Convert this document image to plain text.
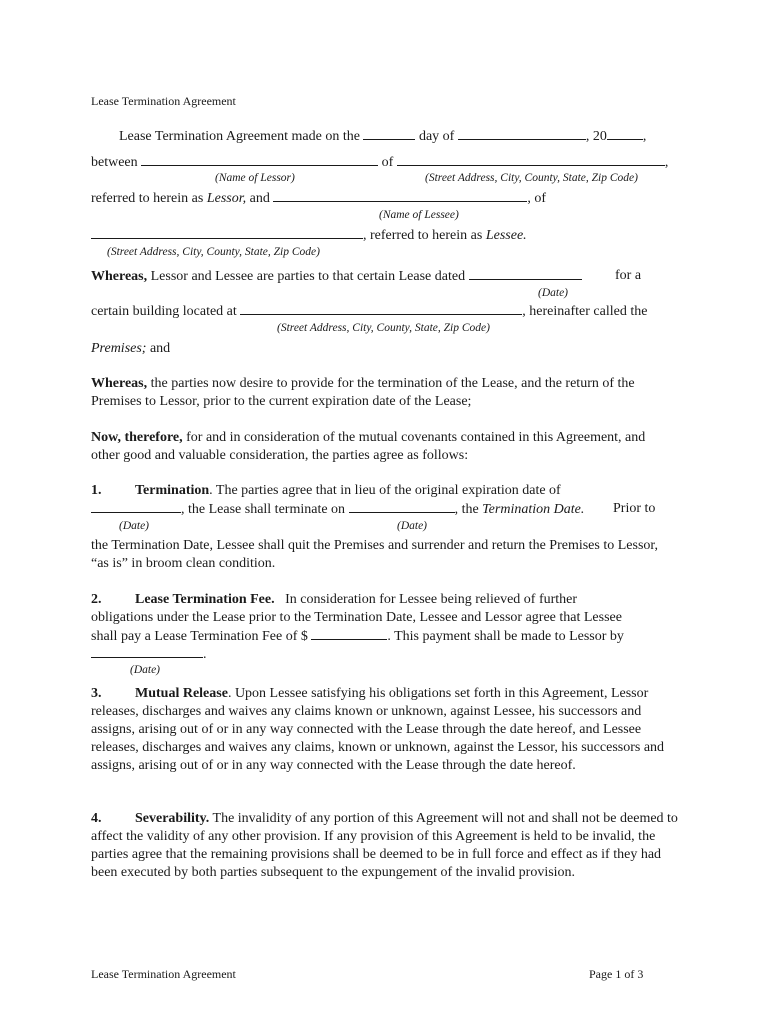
Lease Termination Agreement
Lease Termination Agreement made on the	day of	, 20	,
between	of	,
(Name of Lessor)	(Street Address, City, County, State, Zip Code)
referred to herein as Lessor, and	, of
(Name of Lessee)
, referred to herein as Lessee.
(Street Address, City, County, State, Zip Code)
Whereas, Lessor and Lessee are parties to that certain Lease dated	for a
(Date)
certain building located at	, hereinafter called the
(Street Address, City, County, State, Zip Code)
Premises; and
Whereas, the parties now desire to provide for the termination of the Lease, and the return of the Premises to Lessor, prior to the current expiration date of the Lease;
Now, therefore, for and in consideration of the mutual covenants contained in this Agreement, and other good and valuable consideration, the parties agree as follows:
1. Termination. The parties agree that in lieu of the original expiration date of
, the Lease shall terminate on	, the Termination Date. Prior to
(Date)	(Date)
the Termination Date, Lessee shall quit the Premises and surrender and return the Premises to Lessor, “as is” in broom clean condition.
2. Lease Termination Fee. In consideration for Lessee being relieved of further
obligations under the Lease prior to the Termination Date, Lessee and Lessor agree that Lessee
shall pay a Lease Termination Fee of $	. This payment shall be made to Lessor by
.
(Date)
3. Mutual Release. Upon Lessee satisfying his obligations set forth in this Agreement, Lessor releases, discharges and waives any claims known or unknown, against Lessee, his successors and assigns, arising out of or in any way connected with the Lease through the date hereof, and Lessee releases, discharges and waives any claims, known or unknown, against the Lessor, his successors and assigns, arising out of or in any way connected with the Lease through the date hereof.
4. Severability. The invalidity of any portion of this Agreement will not and shall not be deemed to affect the validity of any other provision. If any provision of this Agreement is held to be invalid, the parties agree that the remaining provisions shall be deemed to be in full force and effect as if they had been executed by both parties subsequent to the expungement of the invalid provision.
Lease Termination Agreement	Page 1 of 3
